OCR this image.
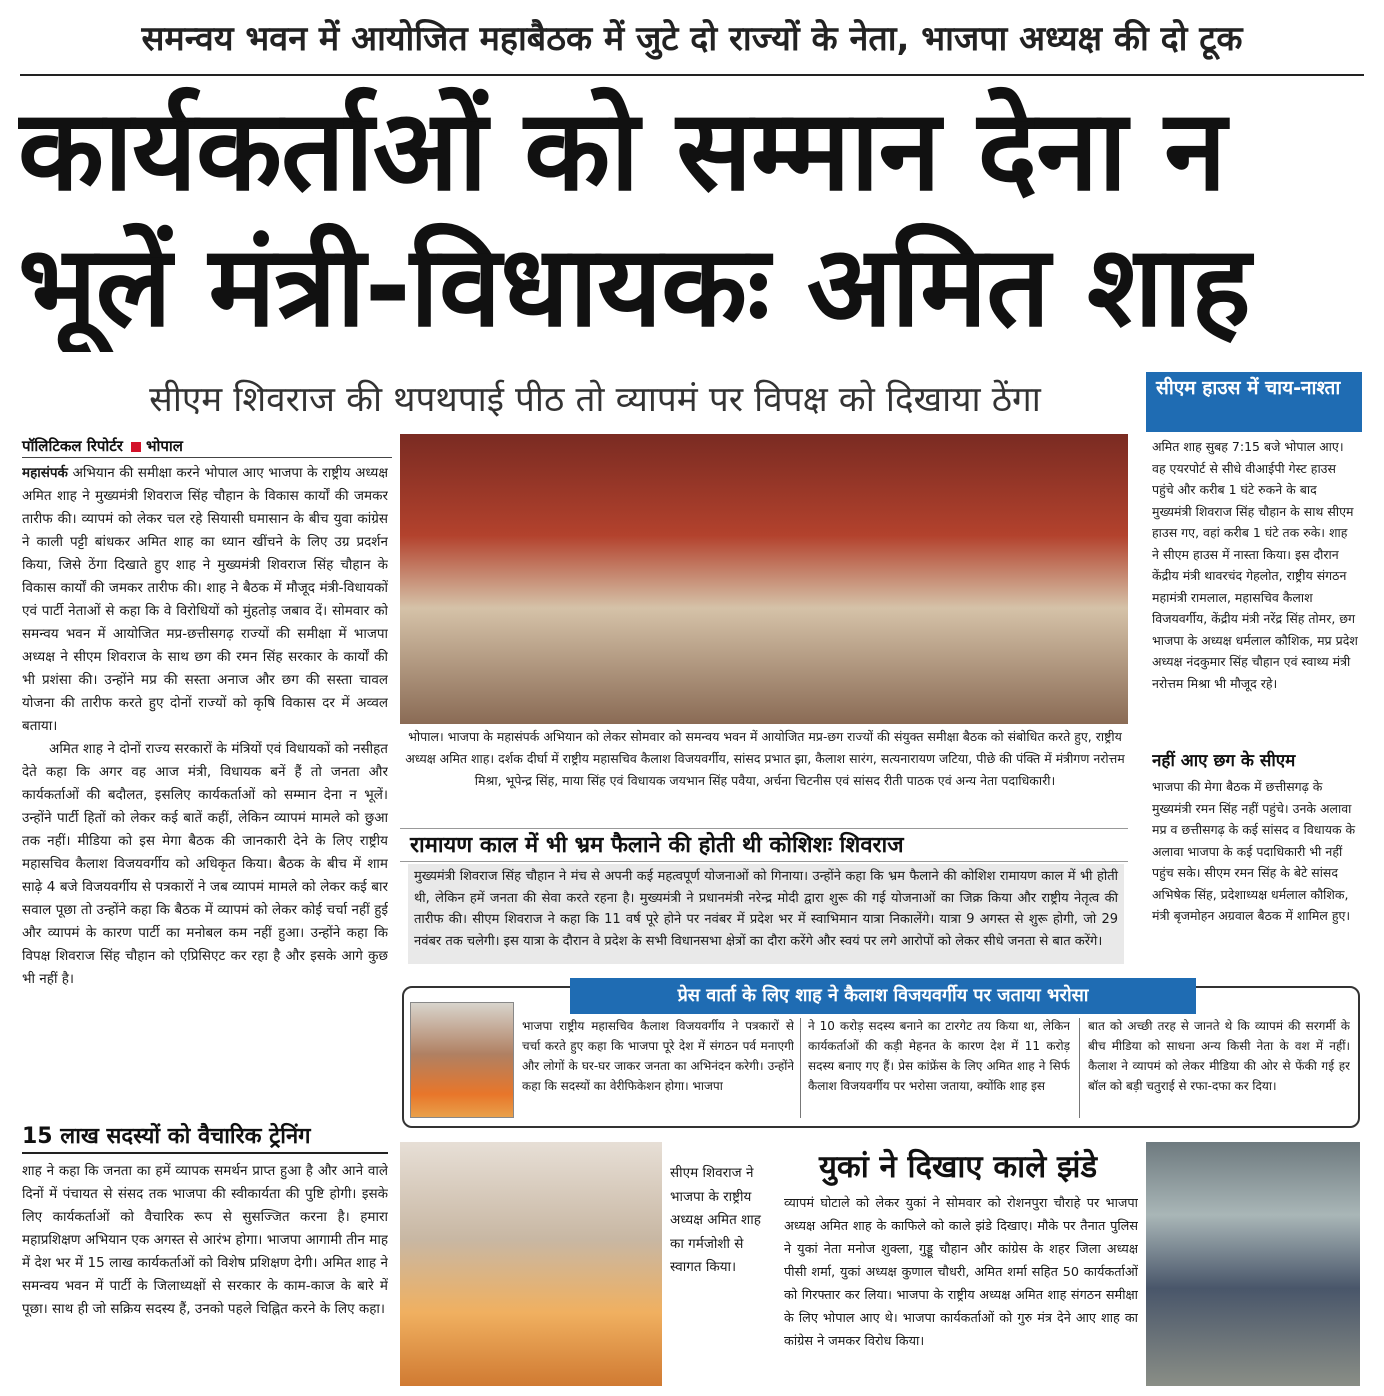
समन्वय भवन में आयोजित महाबैठक में जुटे दो राज्यों के नेता, भाजपा अध्यक्ष की दो टूक
कार्यकर्ताओं को सम्मान देना न
भूलें मंत्री-विधायकः अमित शाह
सीएम शिवराज की थपथपाई पीठ तो व्यापमं पर विपक्ष को दिखाया ठेंगा
पॉलिटिकल रिपोर्टर भोपाल

महासंपर्क अभियान की समीक्षा करने भोपाल आए भाजपा के राष्ट्रीय अध्यक्ष अमित शाह ने मुख्यमंत्री शिवराज सिंह चौहान के विकास कार्यों की जमकर तारीफ की। व्यापमं को लेकर चल रहे सियासी घमासान के बीच युवा कांग्रेस ने काली पट्टी बांधकर अमित शाह का ध्यान खींचने के लिए उग्र प्रदर्शन किया, जिसे ठेंगा दिखाते हुए शाह ने मुख्यमंत्री शिवराज सिंह चौहान के विकास कार्यों की जमकर तारीफ की। शाह ने बैठक में मौजूद मंत्री-विधायकों एवं पार्टी नेताओं से कहा कि वे विरोधियों को मुंहतोड़ जबाव दें। सोमवार को समन्वय भवन में आयोजित मप्र-छत्तीसगढ़ राज्यों की समीक्षा में भाजपा अध्यक्ष ने सीएम शिवराज के साथ छग की रमन सिंह सरकार के कार्यों की भी प्रशंसा की। उन्होंने मप्र की सस्ता अनाज और छग की सस्ता चावल योजना की तारीफ करते हुए दोनों राज्यों को कृषि विकास दर में अव्वल बताया।

अमित शाह ने दोनों राज्य सरकारों के मंत्रियों एवं विधायकों को नसीहत देते कहा कि अगर वह आज मंत्री, विधायक बनें हैं तो जनता और कार्यकर्ताओं की बदौलत, इसलिए कार्यकर्ताओं को सम्मान देना न भूलें। उन्होंने पार्टी हितों को लेकर कई बातें कहीं, लेकिन व्यापमं मामले को छुआ तक नहीं। मीडिया को इस मेगा बैठक की जानकारी देने के लिए राष्ट्रीय महासचिव कैलाश विजयवर्गीय को अधिकृत किया। बैठक के बीच में शाम साढ़े 4 बजे विजयवर्गीय से पत्रकारों ने जब व्यापमं मामले को लेकर कई बार सवाल पूछा तो उन्होंने कहा कि बैठक में व्यापमं को लेकर कोई चर्चा नहीं हुई और व्यापमं के कारण पार्टी का मनोबल कम नहीं हुआ। उन्होंने कहा कि विपक्ष शिवराज सिंह चौहान को एप्रिसिएट कर रहा है और इसके आगे कुछ भी नहीं है।

15 लाख सदस्यों को वैचारिक ट्रेनिंग
शाह ने कहा कि जनता का हमें व्यापक समर्थन प्राप्त हुआ है और आने वाले दिनों में पंचायत से संसद तक भाजपा की स्वीकार्यता की पुष्टि होगी। इसके लिए कार्यकर्ताओं को वैचारिक रूप से सुसज्जित करना है। हमारा महाप्रशिक्षण अभियान एक अगस्त से आरंभ होगा। भाजपा आगामी तीन माह में देश भर में 15 लाख कार्यकर्ताओं को विशेष प्रशिक्षण देगी। अमित शाह ने समन्वय भवन में पार्टी के जिलाध्यक्षों से सरकार के काम-काज के बारे में पूछा। साथ ही जो सक्रिय सदस्य हैं, उनको पहले चिह्नित करने के लिए कहा।
भोपाल। भाजपा के महासंपर्क अभियान को लेकर सोमवार को समन्वय भवन में आयोजित मप्र-छग राज्यों की संयुक्त समीक्षा बैठक को संबोधित करते हुए, राष्ट्रीय अध्यक्ष अमित शाह। दर्शक दीर्घा में राष्ट्रीय महासचिव कैलाश विजयवर्गीय, सांसद प्रभात झा, कैलाश सारंग, सत्यनारायण जटिया, पीछे की पंक्ति में मंत्रीगण नरोत्तम मिश्रा, भूपेन्द्र सिंह, माया सिंह एवं विधायक जयभान सिंह पवैया, अर्चना चिटनीस एवं सांसद रीती पाठक एवं अन्य नेता पदाधिकारी।
रामायण काल में भी भ्रम फैलाने की होती थी कोशिशः शिवराज
मुख्यमंत्री शिवराज सिंह चौहान ने मंच से अपनी कई महत्वपूर्ण योजनाओं को गिनाया। उन्होंने कहा कि भ्रम फैलाने की कोशिश रामायण काल में भी होती थी, लेकिन हमें जनता की सेवा करते रहना है। मुख्यमंत्री ने प्रधानमंत्री नरेन्द्र मोदी द्वारा शुरू की गई योजनाओं का जिक्र किया और राष्ट्रीय नेतृत्व की तारीफ की। सीएम शिवराज ने कहा कि 11 वर्ष पूरे होने पर नवंबर में प्रदेश भर में स्वाभिमान यात्रा निकालेंगे। यात्रा 9 अगस्त से शुरू होगी, जो 29 नवंबर तक चलेगी। इस यात्रा के दौरान वे प्रदेश के सभी विधानसभा क्षेत्रों का दौरा करेंगे और स्वयं पर लगे आरोपों को लेकर सीधे जनता से बात करेंगे।
सीएम हाउस में चाय-नाश्ता
अमित शाह सुबह 7:15 बजे भोपाल आए। वह एयरपोर्ट से सीधे वीआईपी गेस्ट हाउस पहुंचे और करीब 1 घंटे रुकने के बाद मुख्यमंत्री शिवराज सिंह चौहान के साथ सीएम हाउस गए, वहां करीब 1 घंटे तक रुके। शाह ने सीएम हाउस में नास्ता किया। इस दौरान केंद्रीय मंत्री थावरचंद गेहलोत, राष्ट्रीय संगठन महामंत्री रामलाल, महासचिव कैलाश विजयवर्गीय, केंद्रीय मंत्री नरेंद्र सिंह तोमर, छग भाजपा के अध्यक्ष धर्मलाल कौशिक, मप्र प्रदेश अध्यक्ष नंदकुमार सिंह चौहान एवं स्वाथ्य मंत्री नरोत्तम मिश्रा भी मौजूद रहे।
नहीं आए छग के सीएम
भाजपा की मेगा बैठक में छत्तीसगढ़ के मुख्यमंत्री रमन सिंह नहीं पहुंचे। उनके अलावा मप्र व छत्तीसगढ़ के कई सांसद व विधायक के अलावा भाजपा के कई पदाधिकारी भी नहीं पहुंच सके। सीएम रमन सिंह के बेटे सांसद अभिषेक सिंह, प्रदेशाध्यक्ष धर्मलाल कौशिक, मंत्री बृजमोहन अग्रवाल बैठक में शामिल हुए।
प्रेस वार्ता के लिए शाह ने कैलाश विजयवर्गीय पर जताया भरोसा
भाजपा राष्ट्रीय महासचिव कैलाश विजयवर्गीय ने पत्रकारों से चर्चा करते हुए कहा कि भाजपा पूरे देश में संगठन पर्व मनाएगी और लोगों के घर-घर जाकर जनता का अभिनंदन करेगी। उन्होंने कहा कि सदस्यों का वेरीफिकेशन होगा। भाजपा
ने 10 करोड़ सदस्य बनाने का टारगेट तय किया था, लेकिन कार्यकर्ताओं की कड़ी मेहनत के कारण देश में 11 करोड़ सदस्य बनाए गए हैं। प्रेस कांफ्रेंस के लिए अमित शाह ने सिर्फ कैलाश विजयवर्गीय पर भरोसा जताया, क्योंकि शाह इस
बात को अच्छी तरह से जानते थे कि व्यापमं की सरगर्मी के बीच मीडिया को साधना अन्य किसी नेता के वश में नहीं। कैलाश ने व्यापमं को लेकर मीडिया की ओर से फेंकी गई हर बॉल को बड़ी चतुराई से रफा-दफा कर दिया।
सीएम शिवराज ने भाजपा के राष्ट्रीय अध्यक्ष अमित शाह का गर्मजोशी से स्वागत किया।
युकां ने दिखाए काले झंडे
व्यापमं घोटाले को लेकर युकां ने सोमवार को रोशनपुरा चौराहे पर भाजपा अध्यक्ष अमित शाह के काफिले को काले झंडे दिखाए। मौके पर तैनात पुलिस ने युकां नेता मनोज शुक्ला, गुड्डू चौहान और कांग्रेस के शहर जिला अध्यक्ष पीसी शर्मा, युकां अध्यक्ष कुणाल चौधरी, अमित शर्मा सहित 50 कार्यकर्ताओं को गिरफ्तार कर लिया। भाजपा के राष्ट्रीय अध्यक्ष अमित शाह संगठन समीक्षा के लिए भोपाल आए थे। भाजपा कार्यकर्ताओं को गुरु मंत्र देने आए शाह का कांग्रेस ने जमकर विरोध किया।
